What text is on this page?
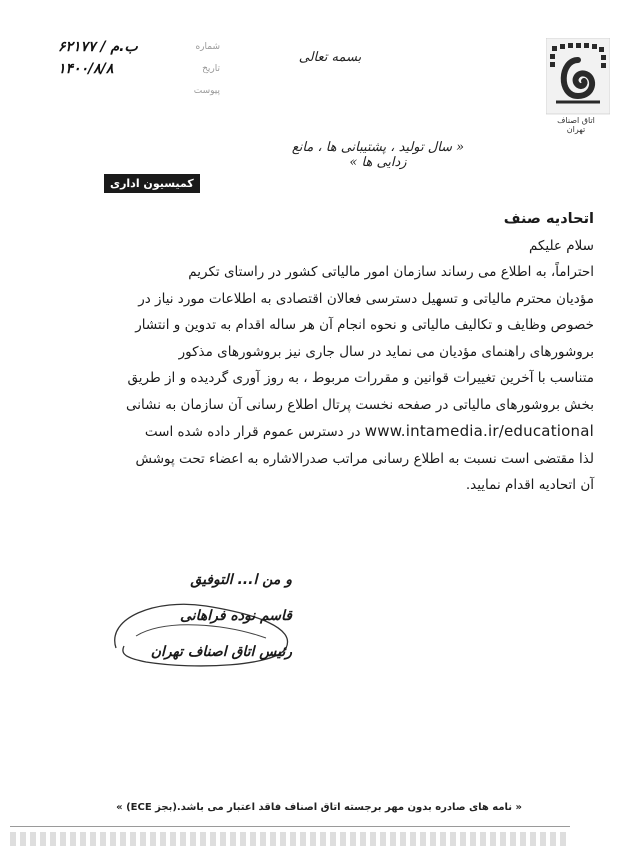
اتاق اصناف تهران
بسمه تعالی
شماره
۶۲۱۷۷ / ب.م
تاریخ
۱۴۰۰/۸/۸
پیوست
« سال تولید ، پشتیبانی ها ، مانع زدایی ها »
کمیسیون اداری
اتحادیه صنف
سلام علیکم
احتراماً، به اطلاع می رساند سازمان امور مالیاتی کشور در راستای تکریم
مؤدیان محترم مالیاتی و تسهیل دسترسی فعالان اقتصادی به اطلاعات مورد نیاز در
خصوص وظایف و تکالیف مالیاتی و نحوه انجام آن هر ساله اقدام به تدوین و انتشار
بروشورهای راهنمای مؤدیان می نماید در سال جاری نیز بروشورهای مذکور
متناسب با آخرین تغییرات قوانین و مقررات مربوط ، به روز آوری گردیده و از طریق
بخش بروشورهای مالیاتی در صفحه نخست پرتال اطلاع رسانی آن سازمان به نشانی
www.intamedia.ir/educational در دسترس عموم قرار داده شده است
لذا مقتضی است نسبت به اطلاع رسانی مراتب صدرالاشاره به اعضاء تحت پوشش
آن اتحادیه اقدام نمایید.
و من ا... التوفیق
قاسم نوده فراهانی
رئیس اتاق اصناف تهران
« نامه های صادره بدون مهر برجسته اتاق اصناف فاقد اعتبار می باشد.(بجز ECE) »
